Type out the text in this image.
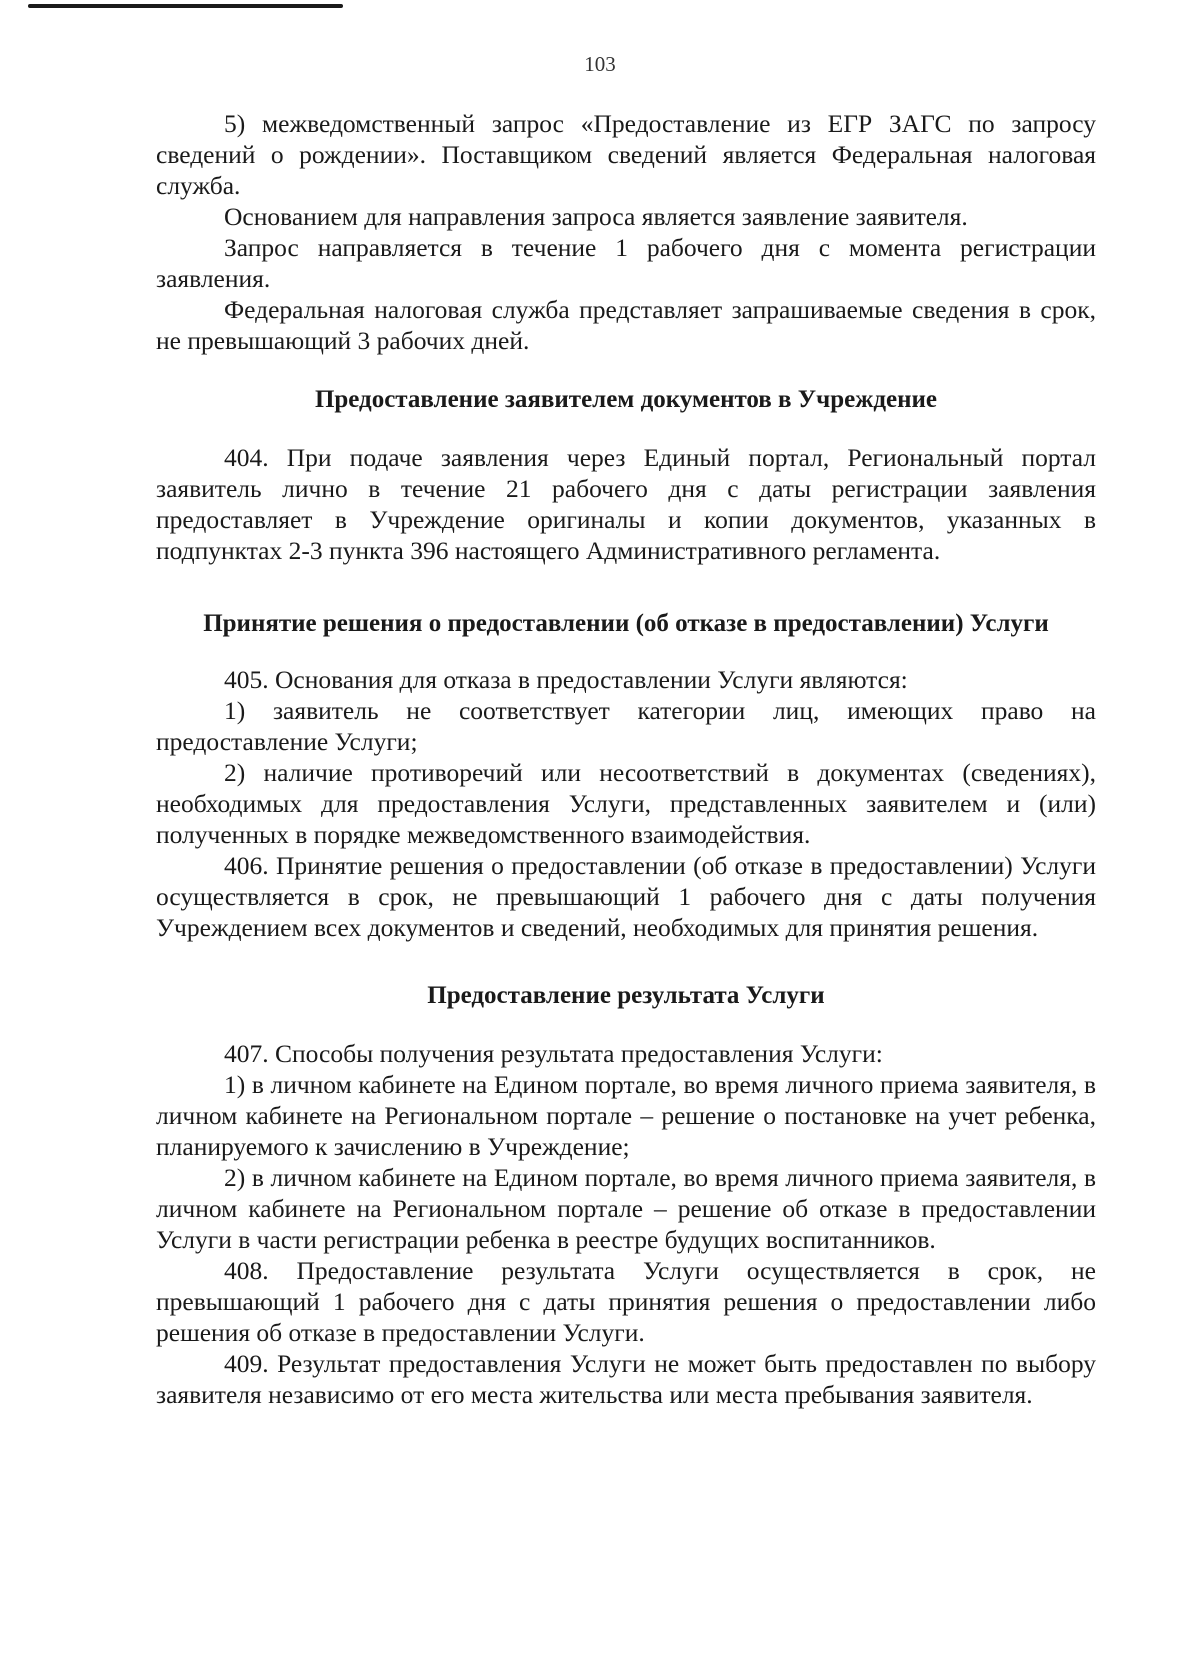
103

5) межведомственный запрос «Предоставление из ЕГР ЗАГС по запросу сведений о рождении». Поставщиком сведений является Федеральная налоговая служба.

Основанием для направления запроса является заявление заявителя.

Запрос направляется в течение 1 рабочего дня с момента регистрации заявления.

Федеральная налоговая служба представляет запрашиваемые сведения в срок, не превышающий 3 рабочих дней.

Предоставление заявителем документов в Учреждение

404. При подаче заявления через Единый портал, Региональный портал заявитель лично в течение 21 рабочего дня с даты регистрации заявления предоставляет в Учреждение оригиналы и копии документов, указанных в подпунктах 2-3 пункта 396 настоящего Административного регламента.

Принятие решения о предоставлении (об отказе в предоставлении) Услуги

405. Основания для отказа в предоставлении Услуги являются:

1) заявитель не соответствует категории лиц, имеющих право на предоставление Услуги;

2) наличие противоречий или несоответствий в документах (сведениях), необходимых для предоставления Услуги, представленных заявителем и (или) полученных в порядке межведомственного взаимодействия.

406. Принятие решения о предоставлении (об отказе в предоставлении) Услуги осуществляется в срок, не превышающий 1 рабочего дня с даты получения Учреждением всех документов и сведений, необходимых для принятия решения.

Предоставление результата Услуги

407. Способы получения результата предоставления Услуги:

1) в личном кабинете на Едином портале, во время личного приема заявителя, в личном кабинете на Региональном портале – решение о постановке на учет ребенка, планируемого к зачислению в Учреждение;

2) в личном кабинете на Едином портале, во время личного приема заявителя, в личном кабинете на Региональном портале – решение об отказе в предоставлении Услуги в части регистрации ребенка в реестре будущих воспитанников.

408. Предоставление результата Услуги осуществляется в срок, не превышающий 1 рабочего дня с даты принятия решения о предоставлении либо решения об отказе в предоставлении Услуги.

409. Результат предоставления Услуги не может быть предоставлен по выбору заявителя независимо от его места жительства или места пребывания заявителя.
